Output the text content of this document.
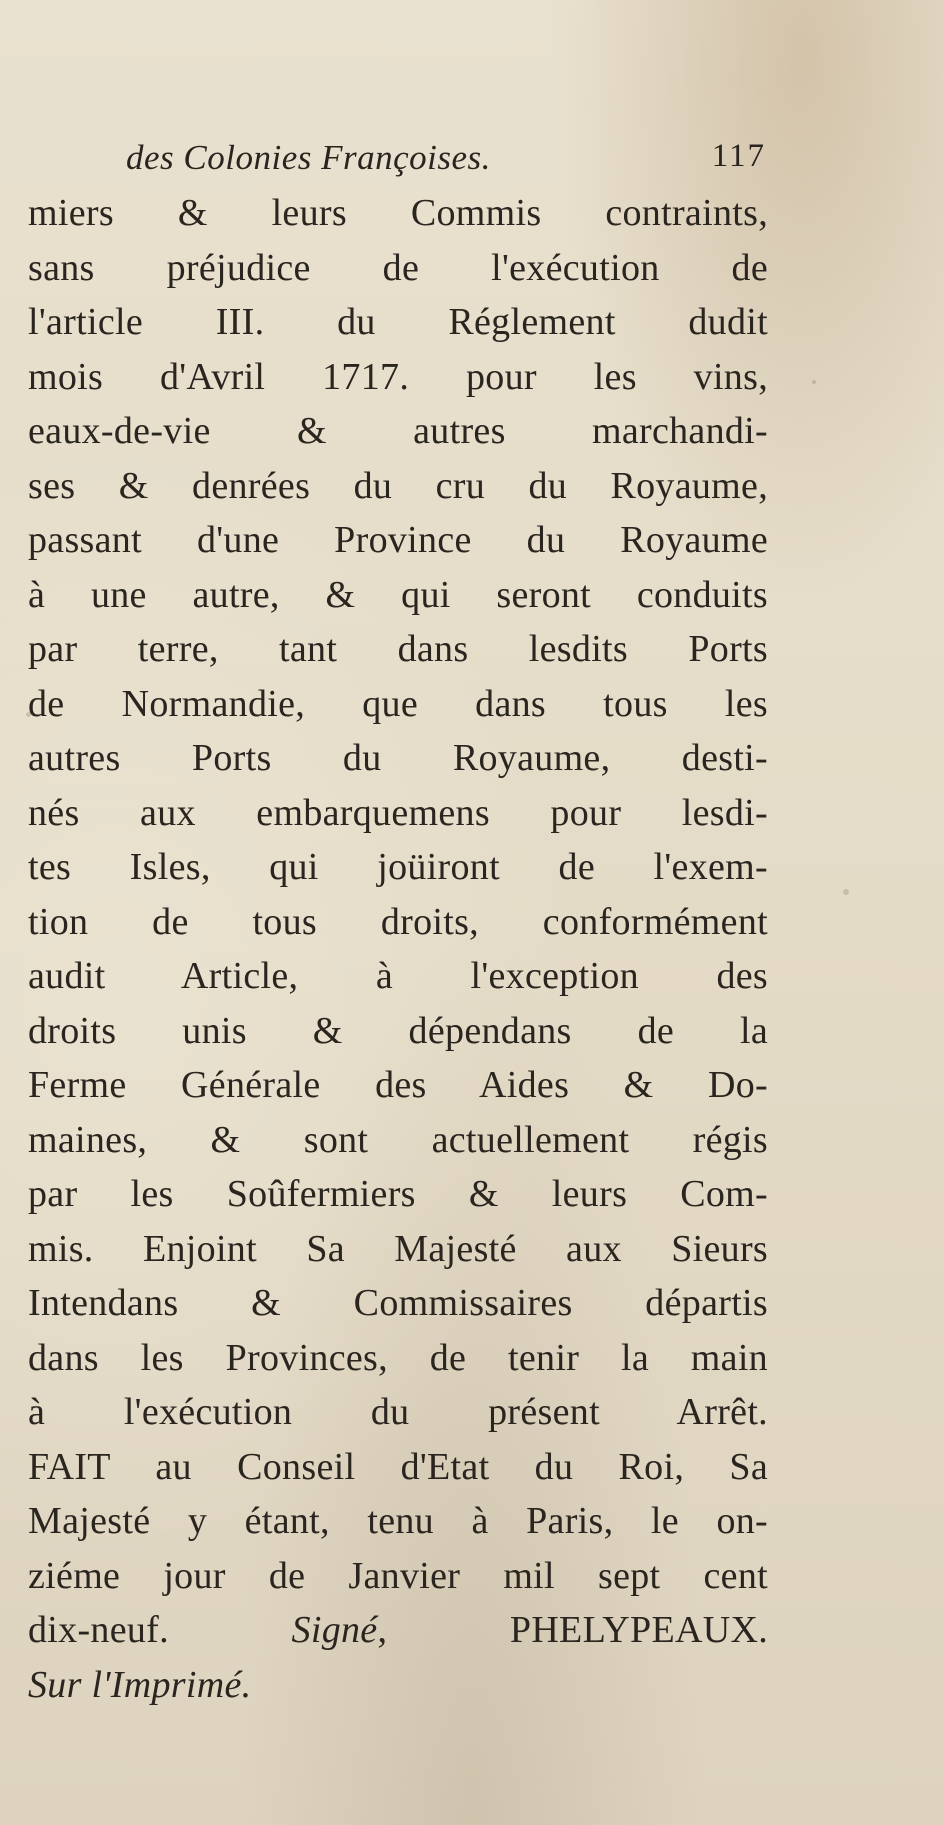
des Colonies Françoises.	117
miers & leurs Commis contraints,
sans préjudice de l'exécution de
l'article III. du Réglement dudit
mois d'Avril 1717. pour les vins,
eaux-de-vie & autres marchandi-
ses & denrées du cru du Royaume,
passant d'une Province du Royaume
à une autre, & qui seront conduits
par terre, tant dans lesdits Ports
de Normandie, que dans tous les
autres Ports du Royaume, desti-
nés aux embarquemens pour lesdi-
tes Isles, qui joüiront de l'exem-
tion de tous droits, conformément
audit Article, à l'exception des
droits unis & dépendans de la
Ferme Générale des Aides & Do-
maines, & sont actuellement régis
par les Soûfermiers & leurs Com-
mis. Enjoint Sa Majesté aux Sieurs
Intendans & Commissaires départis
dans les Provinces, de tenir la main
à l'exécution du présent Arrêt.
FAIT au Conseil d'Etat du Roi, Sa
Majesté y étant, tenu à Paris, le on-
ziéme jour de Janvier mil sept cent
dix-neuf.	Signé, PHELYPEAUX.
Sur l'Imprimé.
